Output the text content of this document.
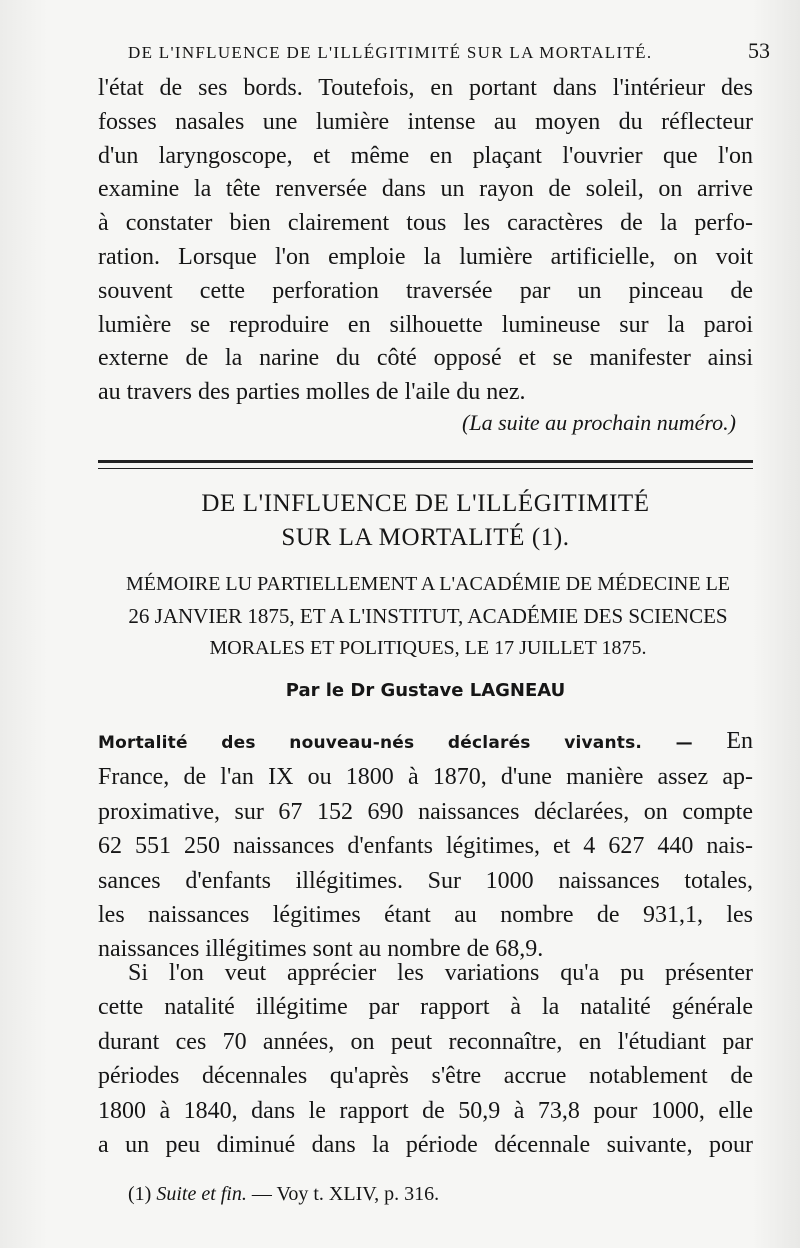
DE L'INFLUENCE DE L'ILLÉGITIMITÉ SUR LA MORTALITÉ.	53
l'état de ses bords. Toutefois, en portant dans l'intérieur des
fosses nasales une lumière intense au moyen du réflecteur
d'un laryngoscope, et même en plaçant l'ouvrier que l'on
examine la tête renversée dans un rayon de soleil, on arrive
à constater bien clairement tous les caractères de la perfo-
ration. Lorsque l'on emploie la lumière artificielle, on voit
souvent cette perforation traversée par un pinceau de
lumière se reproduire en silhouette lumineuse sur la paroi
externe de la narine du côté opposé et se manifester ainsi
au travers des parties molles de l'aile du nez.
(La suite au prochain numéro.)
DE L'INFLUENCE DE L'ILLÉGITIMITÉ
SUR LA MORTALITÉ (1).
MÉMOIRE LU PARTIELLEMENT A L'ACADÉMIE DE MÉDECINE LE
26 JANVIER 1875, ET A L'INSTITUT, ACADÉMIE DES SCIENCES
MORALES ET POLITIQUES, LE 17 JUILLET 1875.
Par le Dr Gustave LAGNEAU
Mortalité des nouveau-nés déclarés vivants. — En
France, de l'an IX ou 1800 à 1870, d'une manière assez ap-
proximative, sur 67 152 690 naissances déclarées, on compte
62 551 250 naissances d'enfants légitimes, et 4 627 440 nais-
sances d'enfants illégitimes. Sur 1000 naissances totales,
les naissances légitimes étant au nombre de 931,1, les
naissances illégitimes sont au nombre de 68,9.
Si l'on veut apprécier les variations qu'a pu présenter
cette natalité illégitime par rapport à la natalité générale
durant ces 70 années, on peut reconnaître, en l'étudiant par
périodes décennales qu'après s'être accrue notablement de
1800 à 1840, dans le rapport de 50,9 à 73,8 pour 1000, elle
a un peu diminué dans la période décennale suivante, pour
(1) Suite et fin. — Voy t. XLIV, p. 316.
